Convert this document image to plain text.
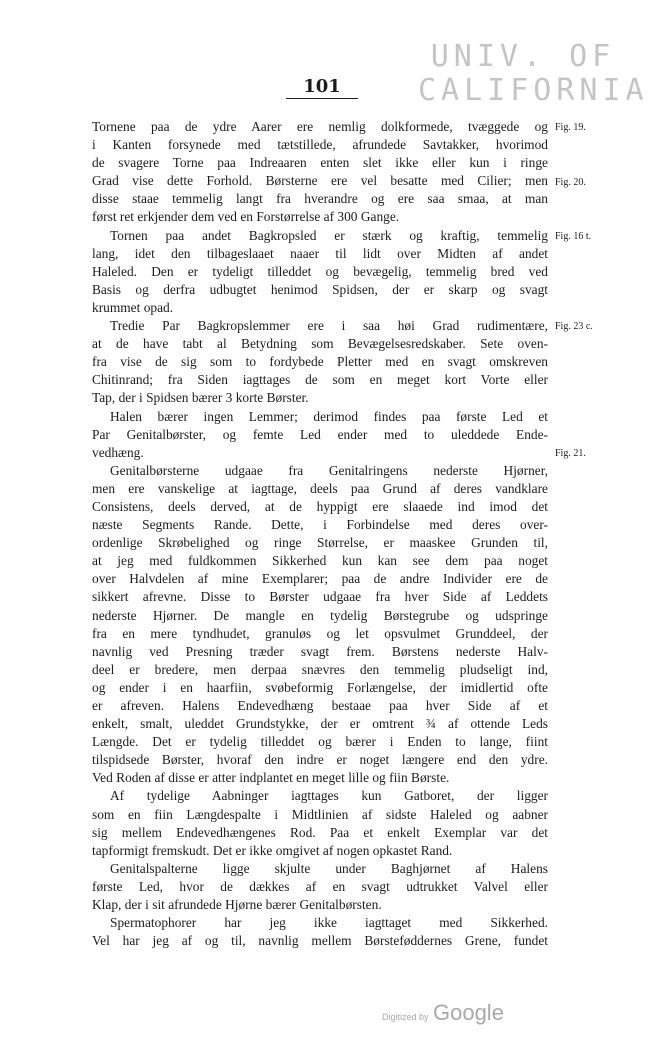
UNIV. OF
CALIFORNIA
101
Tornene paa de ydre Aarer ere nemlig dolkformede, tvæggede og
i Kanten forsynede med tætstillede, afrundede Savtakker, hvorimod
de svagere Torne paa Indreaaren enten slet ikke eller kun i ringe
Grad vise dette Forhold. Børsterne ere vel besatte med Cilier; men
disse staae temmelig langt fra hverandre og ere saa smaa, at man
først ret erkjender dem ved en Forstørrelse af 300 Gange.
Tornen paa andet Bagkropsled er stærk og kraftig, temmelig
lang, idet den tilbageslaaet naaer til lidt over Midten af andet
Haleled. Den er tydeligt tilleddet og bevægelig, temmelig bred ved
Basis og derfra udbugtet henimod Spidsen, der er skarp og svagt
krummet opad.
Tredie Par Bagkropslemmer ere i saa høi Grad rudimentære,
at de have tabt al Betydning som Bevægelsesredskaber. Sete oven-
fra vise de sig som to fordybede Pletter med en svagt omskreven
Chitinrand; fra Siden iagttages de som en meget kort Vorte eller
Tap, der i Spidsen bærer 3 korte Børster.
Halen bærer ingen Lemmer; derimod findes paa første Led et
Par Genitalbørster, og femte Led ender med to uleddede Ende-
vedhæng.
Genitalbørsterne udgaae fra Genitalringens nederste Hjørner,
men ere vanskelige at iagttage, deels paa Grund af deres vandklare
Consistens, deels derved, at de hyppigt ere slaaede ind imod det
næste Segments Rande. Dette, i Forbindelse med deres over-
ordenlige Skrøbelighed og ringe Størrelse, er maaskee Grunden til,
at jeg med fuldkommen Sikkerhed kun kan see dem paa noget
over Halvdelen af mine Exemplarer; paa de andre Individer ere de
sikkert afrevne. Disse to Børster udgaae fra hver Side af Leddets
nederste Hjørner. De mangle en tydelig Børstegrube og udspringe
fra en mere tyndhudet, granuløs og let opsvulmet Grunddeel, der
navnlig ved Presning træder svagt frem. Børstens nederste Halv-
deel er bredere, men derpaa snævres den temmelig pludseligt ind,
og ender i en haarfiin, svøbeformig Forlængelse, der imidlertid ofte
er afreven. Halens Endevedhæng bestaae paa hver Side af et
enkelt, smalt, uleddet Grundstykke, der er omtrent ¾ af ottende Leds
Længde. Det er tydelig tilleddet og bærer i Enden to lange, fiint
tilspidsede Børster, hvoraf den indre er noget længere end den ydre.
Ved Roden af disse er atter indplantet en meget lille og fiin Børste.
Af tydelige Aabninger iagttages kun Gatboret, der ligger
som en fiin Længdespalte i Midtlinien af sidste Haleled og aabner
sig mellem Endevedhængenes Rod. Paa et enkelt Exemplar var det
tapformigt fremskudt. Det er ikke omgivet af nogen opkastet Rand.
Genitalspalterne ligge skjulte under Baghjørnet af Halens
første Led, hvor de dækkes af en svagt udtrukket Valvel eller
Klap, der i sit afrundede Hjørne bærer Genitalbørsten.
Spermatophorer har jeg ikke iagttaget med Sikkerhed.
Vel har jeg af og til, navnlig mellem Børsteføddernes Grene, fundet
Fig. 19.
Fig. 20.
Fig. 16 t.
Fig. 23 c.
Fig. 21.
Digitized by Google
